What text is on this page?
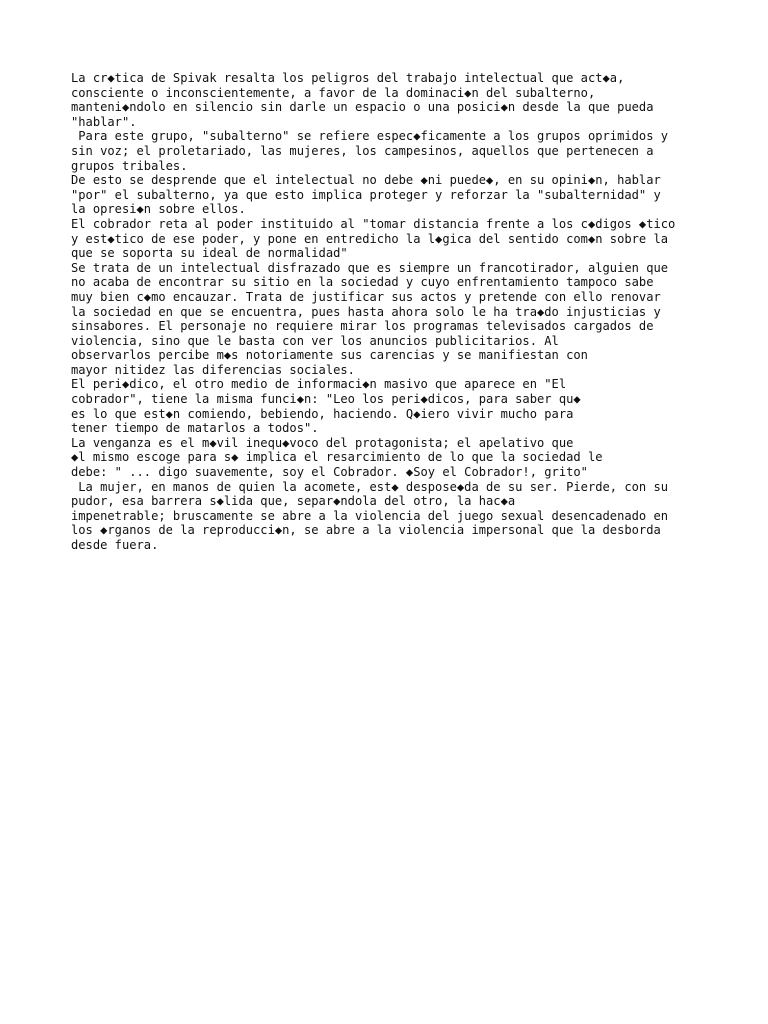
La cr◆tica de Spivak resalta los peligros del trabajo intelectual que act◆a,
consciente o inconscientemente, a favor de la dominaci◆n del subalterno,
manteni◆ndolo en silencio sin darle un espacio o una posici◆n desde la que pueda
"hablar".
Para este grupo, "subalterno" se refiere espec◆ficamente a los grupos oprimidos y
sin voz; el proletariado, las mujeres, los campesinos, aquellos que pertenecen a
grupos tribales.
De esto se desprende que el intelectual no debe ◆ni puede◆, en su opini◆n, hablar
"por" el subalterno, ya que esto implica proteger y reforzar la "subalternidad" y
la opresi◆n sobre ellos.
El cobrador reta al poder instituido al "tomar distancia frente a los c◆digos ◆tico
y est◆tico de ese poder, y pone en entredicho la l◆gica del sentido com◆n sobre la
que se soporta su ideal de normalidad"
Se trata de un intelectual disfrazado que es siempre un francotirador, alguien que
no acaba de encontrar su sitio en la sociedad y cuyo enfrentamiento tampoco sabe
muy bien c◆mo encauzar. Trata de justificar sus actos y pretende con ello renovar
la sociedad en que se encuentra, pues hasta ahora solo le ha tra◆do injusticias y
sinsabores. El personaje no requiere mirar los programas televisados cargados de
violencia, sino que le basta con ver los anuncios publicitarios. Al
observarlos percibe m◆s notoriamente sus carencias y se manifiestan con
mayor nitidez las diferencias sociales.
El peri◆dico, el otro medio de informaci◆n masivo que aparece en "El
cobrador", tiene la misma funci◆n: "Leo los peri◆dicos, para saber qu◆
es lo que est◆n comiendo, bebiendo, haciendo. Q◆iero vivir mucho para
tener tiempo de matarlos a todos".
La venganza es el m◆vil inequ◆voco del protagonista; el apelativo que
◆l mismo escoge para s◆ implica el resarcimiento de lo que la sociedad le
debe: " ... digo suavemente, soy el Cobrador. ◆Soy el Cobrador!, grito"
La mujer, en manos de quien la acomete, est◆ despose◆da de su ser. Pierde, con su
pudor, esa barrera s◆lida que, separ◆ndola del otro, la hac◆a
impenetrable; bruscamente se abre a la violencia del juego sexual desencadenado en
los ◆rganos de la reproducci◆n, se abre a la violencia impersonal que la desborda
desde fuera.
